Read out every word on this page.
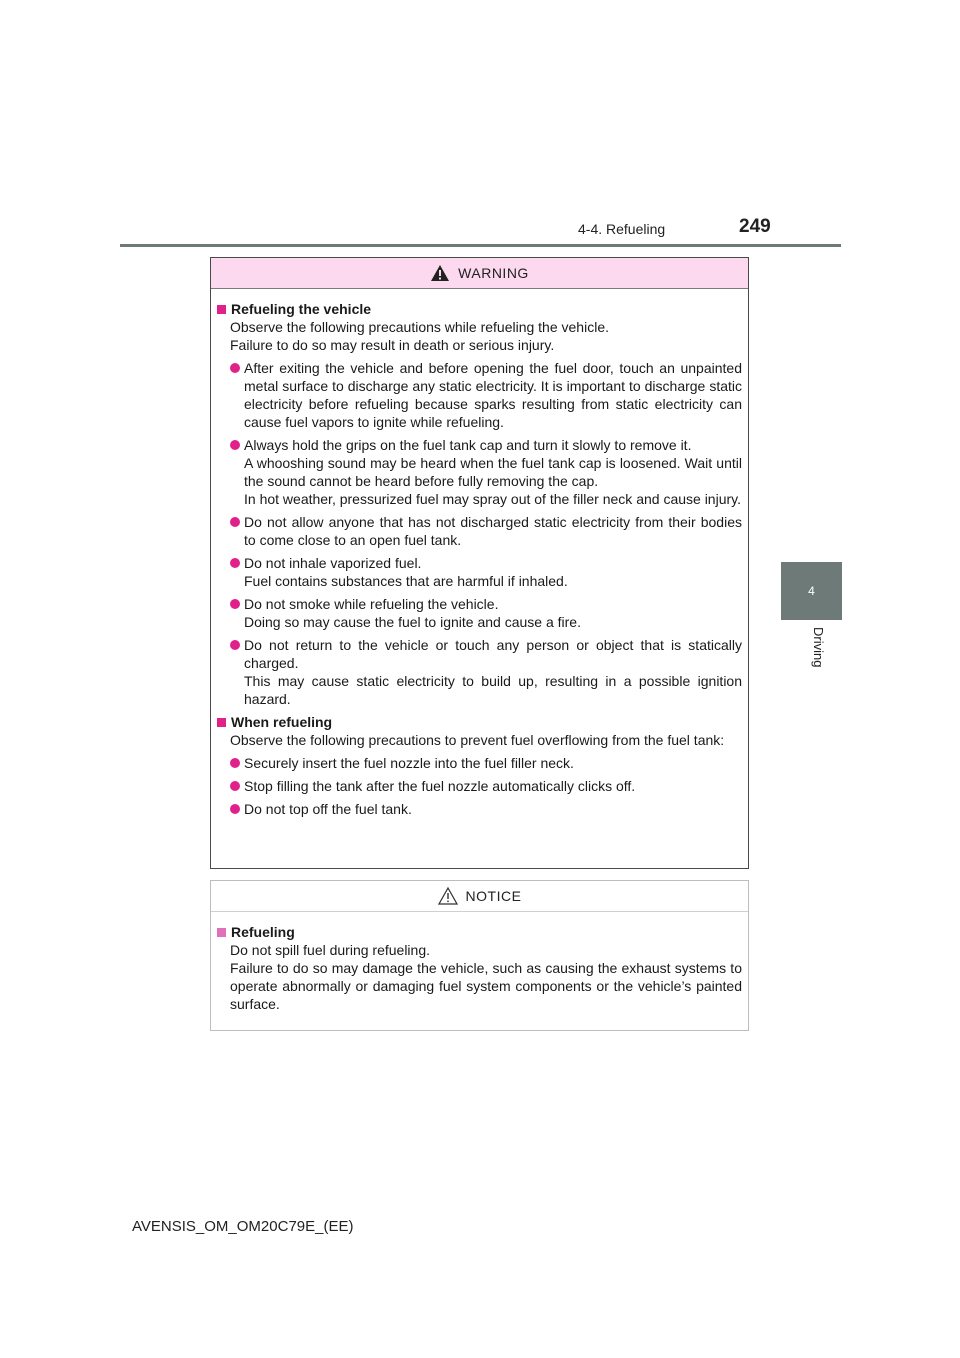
4-4. Refueling	249
4
Driving
WARNING
Refueling the vehicle
Observe the following precautions while refueling the vehicle.
Failure to do so may result in death or serious injury.
After exiting the vehicle and before opening the fuel door, touch an unpainted metal surface to discharge any static electricity. It is important to discharge static electricity before refueling because sparks resulting from static electricity can cause fuel vapors to ignite while refueling.
Always hold the grips on the fuel tank cap and turn it slowly to remove it.
A whooshing sound may be heard when the fuel tank cap is loosened. Wait until the sound cannot be heard before fully removing the cap.
In hot weather, pressurized fuel may spray out of the filler neck and cause injury.
Do not allow anyone that has not discharged static electricity from their bodies to come close to an open fuel tank.
Do not inhale vaporized fuel.
Fuel contains substances that are harmful if inhaled.
Do not smoke while refueling the vehicle.
Doing so may cause the fuel to ignite and cause a fire.
Do not return to the vehicle or touch any person or object that is statically charged.
This may cause static electricity to build up, resulting in a possible ignition hazard.
When refueling
Observe the following precautions to prevent fuel overflowing from the fuel tank:
Securely insert the fuel nozzle into the fuel filler neck.
Stop filling the tank after the fuel nozzle automatically clicks off.
Do not top off the fuel tank.
NOTICE
Refueling
Do not spill fuel during refueling.
Failure to do so may damage the vehicle, such as causing the exhaust systems to operate abnormally or damaging fuel system components or the vehicle’s painted surface.
AVENSIS_OM_OM20C79E_(EE)
